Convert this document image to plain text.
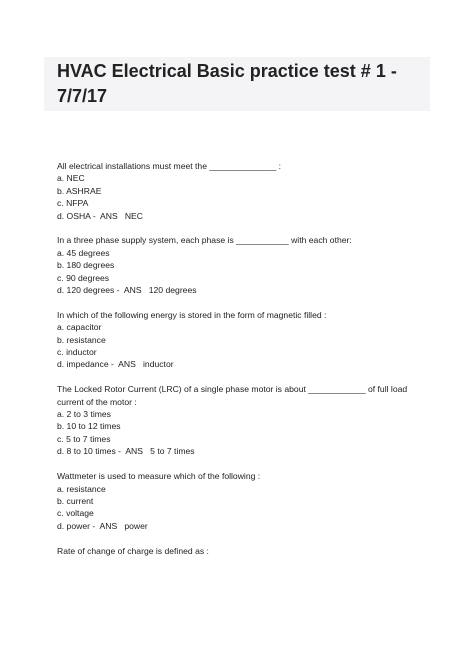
HVAC Electrical Basic practice test # 1 - 7/7/17

All electrical installations must meet the ______________ :

a. NEC

b. ASHRAE

c. NFPA

d. OSHA -  ANS NEC

In a three phase supply system, each phase is ___________ with each other:

a. 45 degrees

b. 180 degrees

c. 90 degrees

d. 120 degrees -  ANS 120 degrees

In which of the following energy is stored in the form of magnetic filled :

a. capacitor

b. resistance

c. inductor

d. impedance -  ANS inductor

The Locked Rotor Current (LRC) of a single phase motor is about ____________ of full load current of the motor :

a. 2 to 3 times

b. 10 to 12 times

c. 5 to 7 times

d. 8 to 10 times -  ANS 5 to 7 times

Wattmeter is used to measure which of the following :

a. resistance

b. current

c. voltage

d. power -  ANS power

Rate of change of charge is defined as :
